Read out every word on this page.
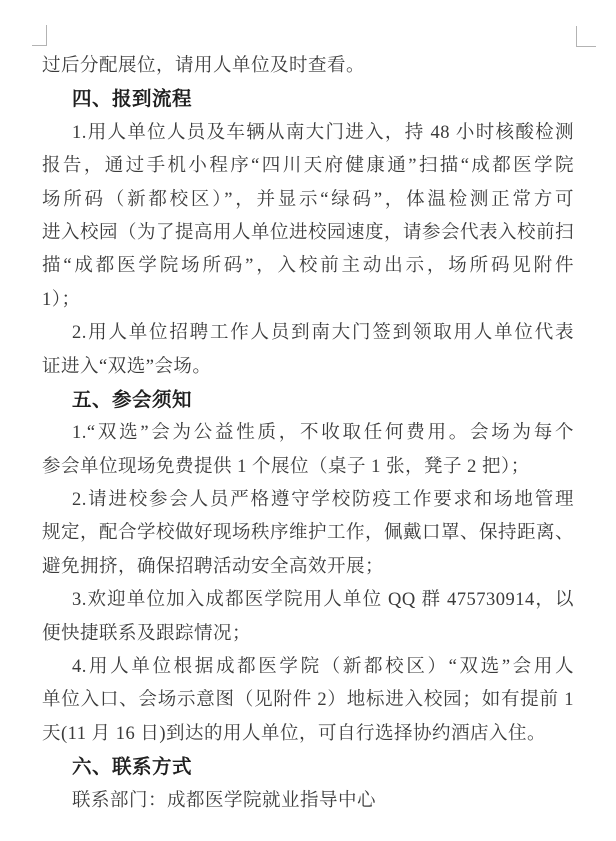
过后分配展位，请用人单位及时查看。
四、报到流程
1.用人单位人员及车辆从南大门进入，持 48 小时核酸检测
报告，通过手机小程序“四川天府健康通”扫描“成都医学院
场所码（新都校区）”，并显示“绿码”，体温检测正常方可
进入校园（为了提高用人单位进校园速度，请参会代表入校前扫
描“成都医学院场所码”，入校前主动出示，场所码见附件
1）；
2.用人单位招聘工作人员到南大门签到领取用人单位代表
证进入“双选”会场。
五、参会须知
1.“双选”会为公益性质，不收取任何费用。会场为每个
参会单位现场免费提供 1 个展位（桌子 1 张，凳子 2 把）；
2.请进校参会人员严格遵守学校防疫工作要求和场地管理
规定，配合学校做好现场秩序维护工作，佩戴口罩、保持距离、
避免拥挤，确保招聘活动安全高效开展；
3.欢迎单位加入成都医学院用人单位 QQ 群 475730914，以
便快捷联系及跟踪情况；
4.用人单位根据成都医学院（新都校区）“双选”会用人
单位入口、会场示意图（见附件 2）地标进入校园；如有提前 1
天(11 月 16 日)到达的用人单位，可自行选择协约酒店入住。
六、联系方式
联系部门：成都医学院就业指导中心
